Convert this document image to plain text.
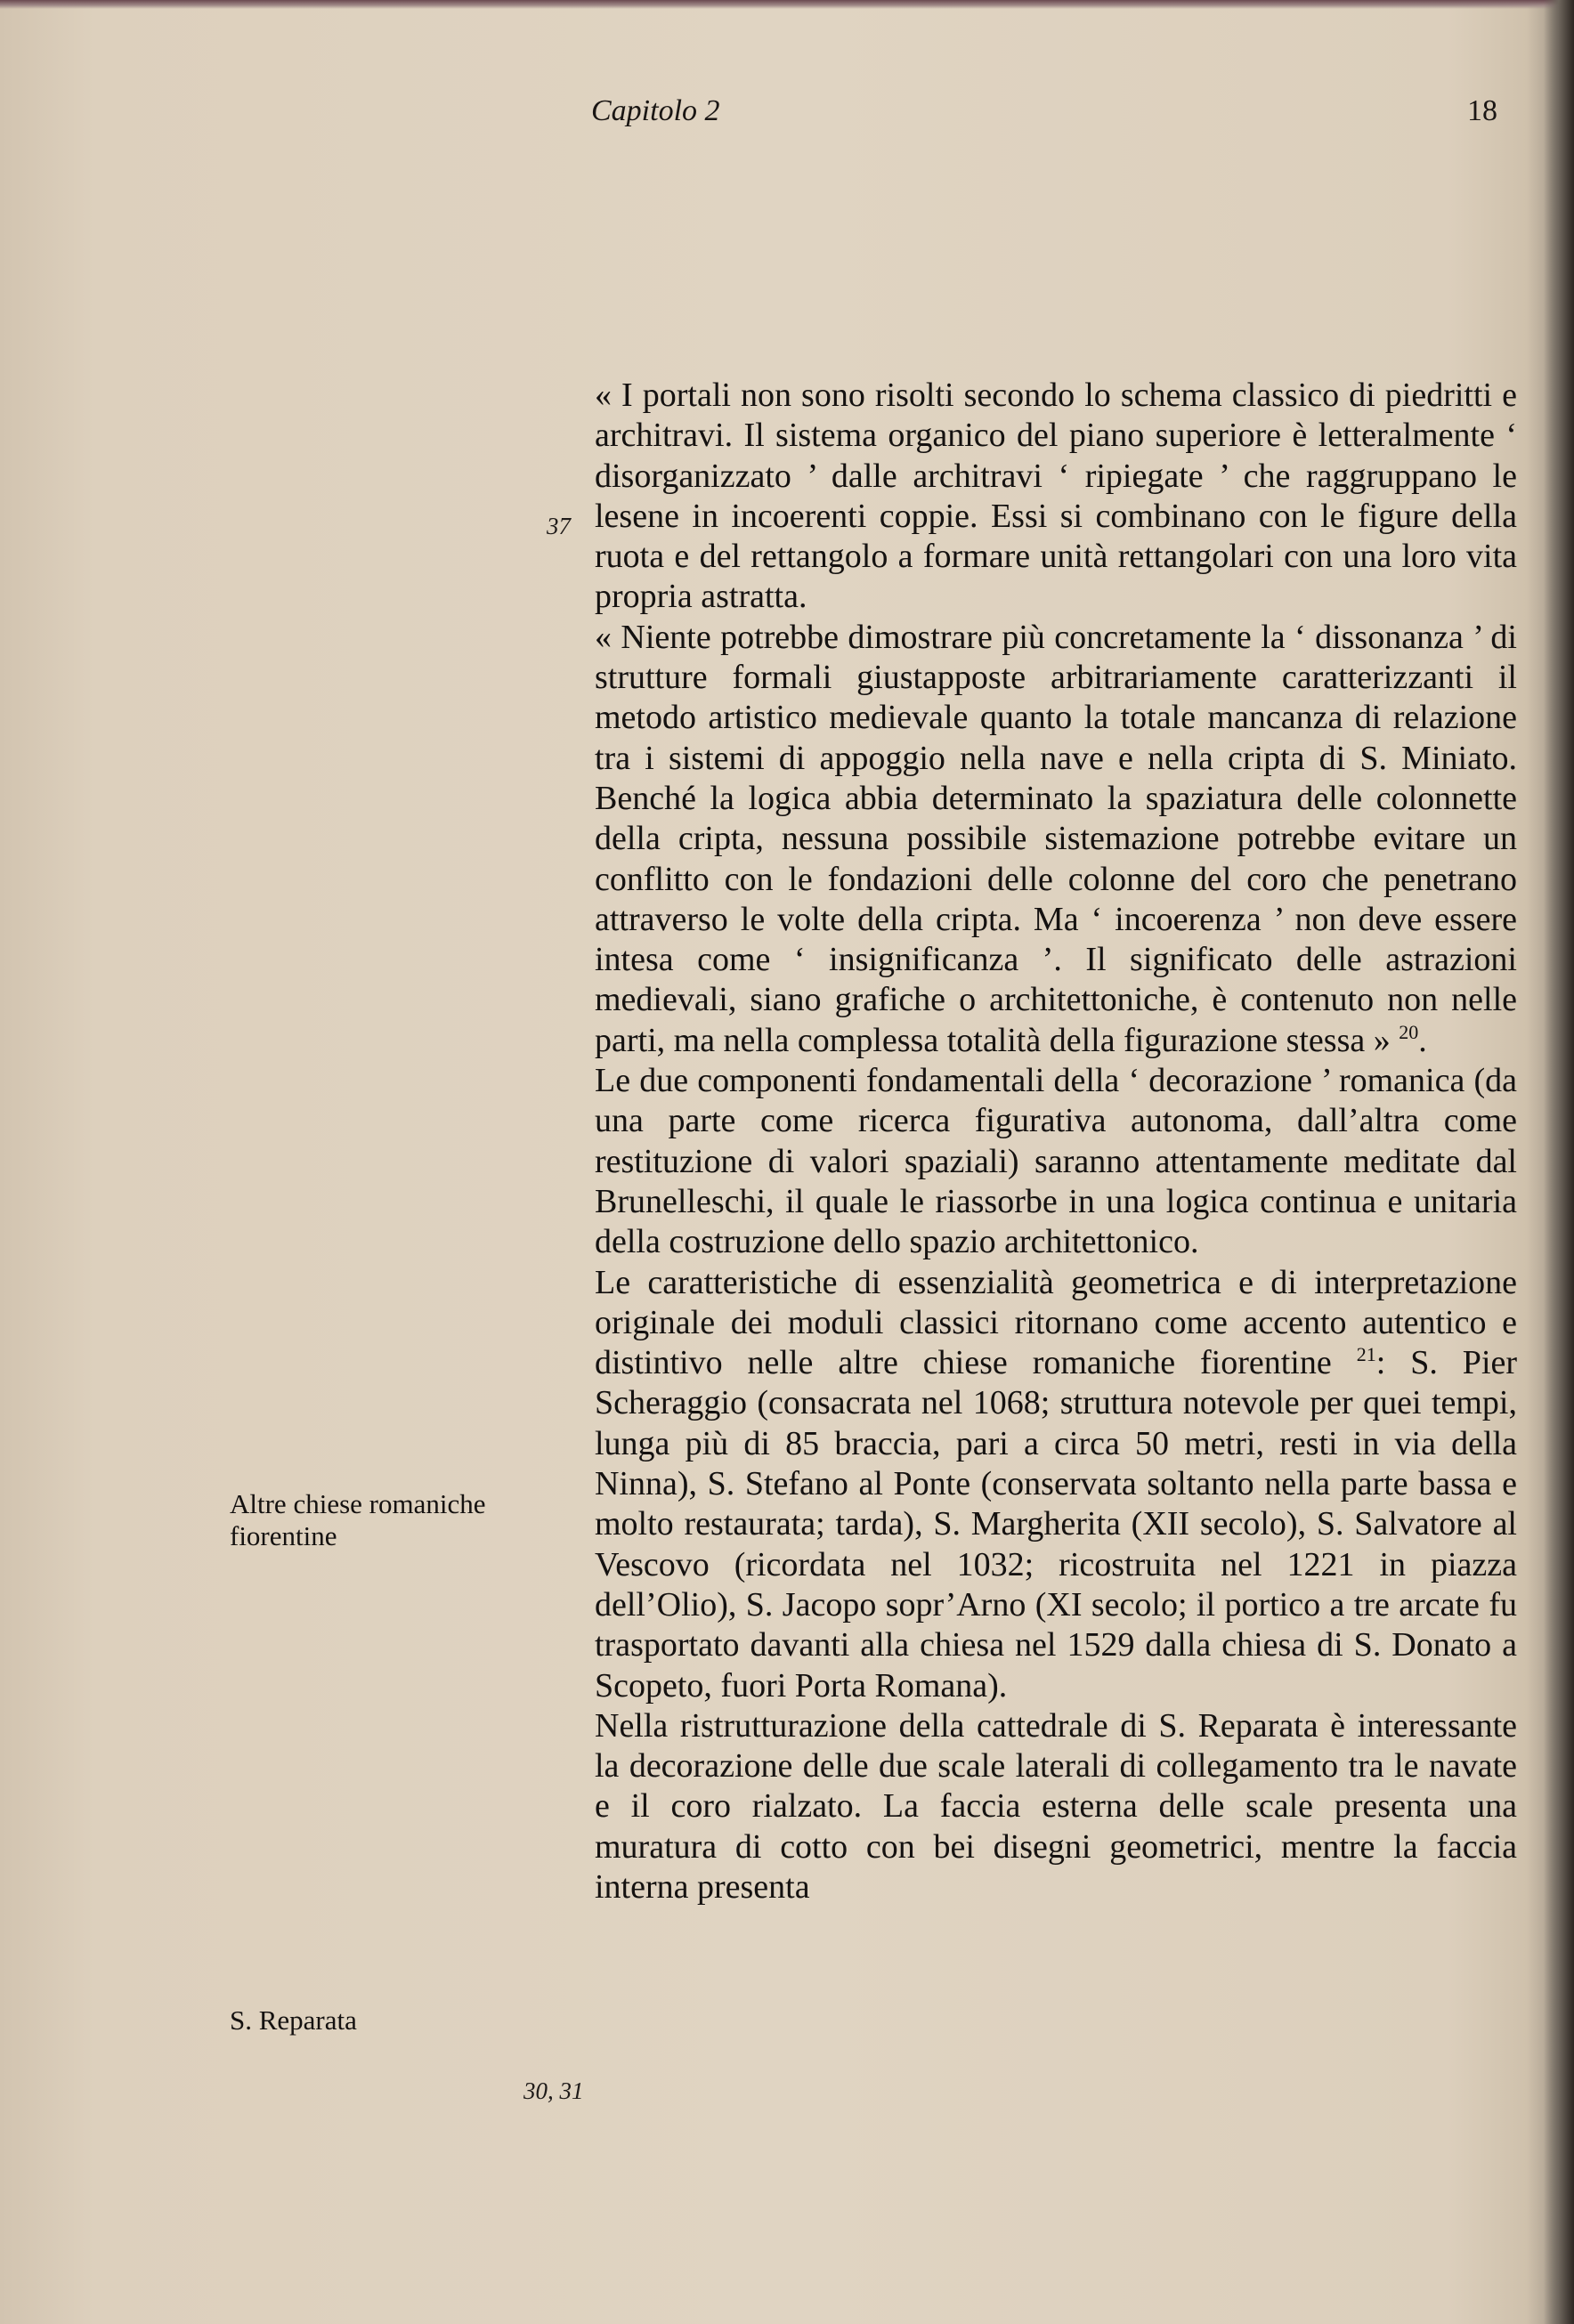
Capitolo 2	18
37
Altre chiese romaniche fiorentine
S. Reparata
30, 31

« I portali non sono risolti secondo lo schema classico di piedritti e architravi. Il sistema organico del piano superiore è letteralmente ‘ disorganizzato ’ dalle architravi ‘ ripiegate ’ che raggruppano le lesene in incoerenti coppie. Essi si combinano con le figure della ruota e del rettangolo a formare unità rettangolari con una loro vita propria astratta.

« Niente potrebbe dimostrare più concretamente la ‘ dissonanza ’ di strutture formali giustapposte arbitrariamente caratterizzanti il metodo artistico medievale quanto la totale mancanza di relazione tra i sistemi di appoggio nella nave e nella cripta di S. Miniato. Benché la logica abbia determinato la spaziatura delle colonnette della cripta, nessuna possibile sistemazione potrebbe evitare un conflitto con le fondazioni delle colonne del coro che penetrano attraverso le volte della cripta. Ma ‘ incoerenza ’ non deve essere intesa come ‘ insignificanza ’. Il significato delle astrazioni medievali, siano grafiche o architettoniche, è contenuto non nelle parti, ma nella complessa totalità della figurazione stessa » $^{20}$.

Le due componenti fondamentali della ‘ decorazione ’ romanica (da una parte come ricerca figurativa autonoma, dall’altra come restituzione di valori spaziali) saranno attentamente meditate dal Brunelleschi, il quale le riassorbe in una logica continua e unitaria della costruzione dello spazio architettonico.

Le caratteristiche di essenzialità geometrica e di interpretazione originale dei moduli classici ritornano come accento autentico e distintivo nelle altre chiese romaniche fiorentine $^{21}$: S. Pier Scheraggio (consacrata nel 1068; struttura notevole per quei tempi, lunga più di 85 braccia, pari a circa 50 metri, resti in via della Ninna), S. Stefano al Ponte (conservata soltanto nella parte bassa e molto restaurata; tarda), S. Margherita (XII secolo), S. Salvatore al Vescovo (ricordata nel 1032; ricostruita nel 1221 in piazza dell’Olio), S. Jacopo sopr’Arno (XI secolo; il portico a tre arcate fu trasportato davanti alla chiesa nel 1529 dalla chiesa di S. Donato a Scopeto, fuori Porta Romana).

Nella ristrutturazione della cattedrale di S. Reparata è interessante la decorazione delle due scale laterali di collegamento tra le navate e il coro rialzato. La faccia esterna delle scale presenta una muratura di cotto con bei disegni geometrici, mentre la faccia interna presenta
